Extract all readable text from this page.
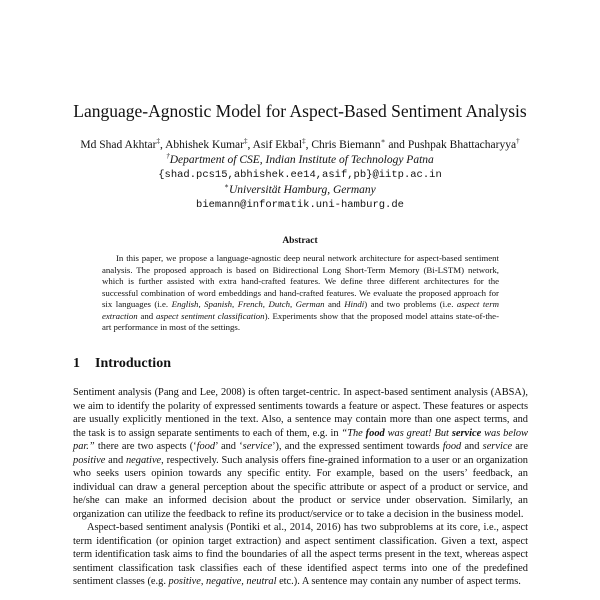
Language-Agnostic Model for Aspect-Based Sentiment Analysis
Md Shad Akhtar‡, Abhishek Kumar‡, Asif Ekbal‡, Chris Biemann∗ and Pushpak Bhattacharyya†
†Department of CSE, Indian Institute of Technology Patna
{shad.pcs15,abhishek.ee14,asif,pb}@iitp.ac.in
∗Universität Hamburg, Germany
biemann@informatik.uni-hamburg.de
Abstract

In this paper, we propose a language-agnostic deep neural network architecture for aspect-based sentiment analysis. The proposed approach is based on Bidirectional Long Short-Term Memory (Bi-LSTM) network, which is further assisted with extra hand-crafted features. We define three different architectures for the successful combination of word embeddings and hand-crafted features. We evaluate the proposed approach for six languages (i.e. English, Spanish, French, Dutch, German and Hindi) and two problems (i.e. aspect term extraction and aspect sentiment classification). Experiments show that the proposed model attains state-of-the-art performance in most of the settings.

1 Introduction

Sentiment analysis (Pang and Lee, 2008) is often target-centric. In aspect-based sentiment analysis (ABSA), we aim to identify the polarity of expressed sentiments towards a feature or aspect. These features or aspects are usually explicitly mentioned in the text. Also, a sentence may contain more than one aspect terms, and the task is to assign separate sentiments to each of them, e.g. in “The food was great! But service was below par.” there are two aspects (‘food’ and ‘service’), and the expressed sentiment towards food and service are positive and negative, respectively. Such analysis offers fine-grained information to a user or an organization who seeks users opinion towards any specific entity. For example, based on the users’ feedback, an individual can draw a general perception about the specific attribute or aspect of a product or service, and he/she can make an informed decision about the product or service under observation. Similarly, an organization can utilize the feedback to refine its product/service or to take a decision in the business model.

Aspect-based sentiment analysis (Pontiki et al., 2014, 2016) has two subproblems at its core, i.e., aspect term identification (or opinion target extraction) and aspect sentiment classification. Given a text, aspect term identification task aims to find the boundaries of all the aspect terms present in the text, whereas aspect sentiment classification task classifies each of these identified aspect terms into one of the predefined sentiment classes (e.g. positive, negative, neutral etc.). A sentence may contain any number of aspect terms.
